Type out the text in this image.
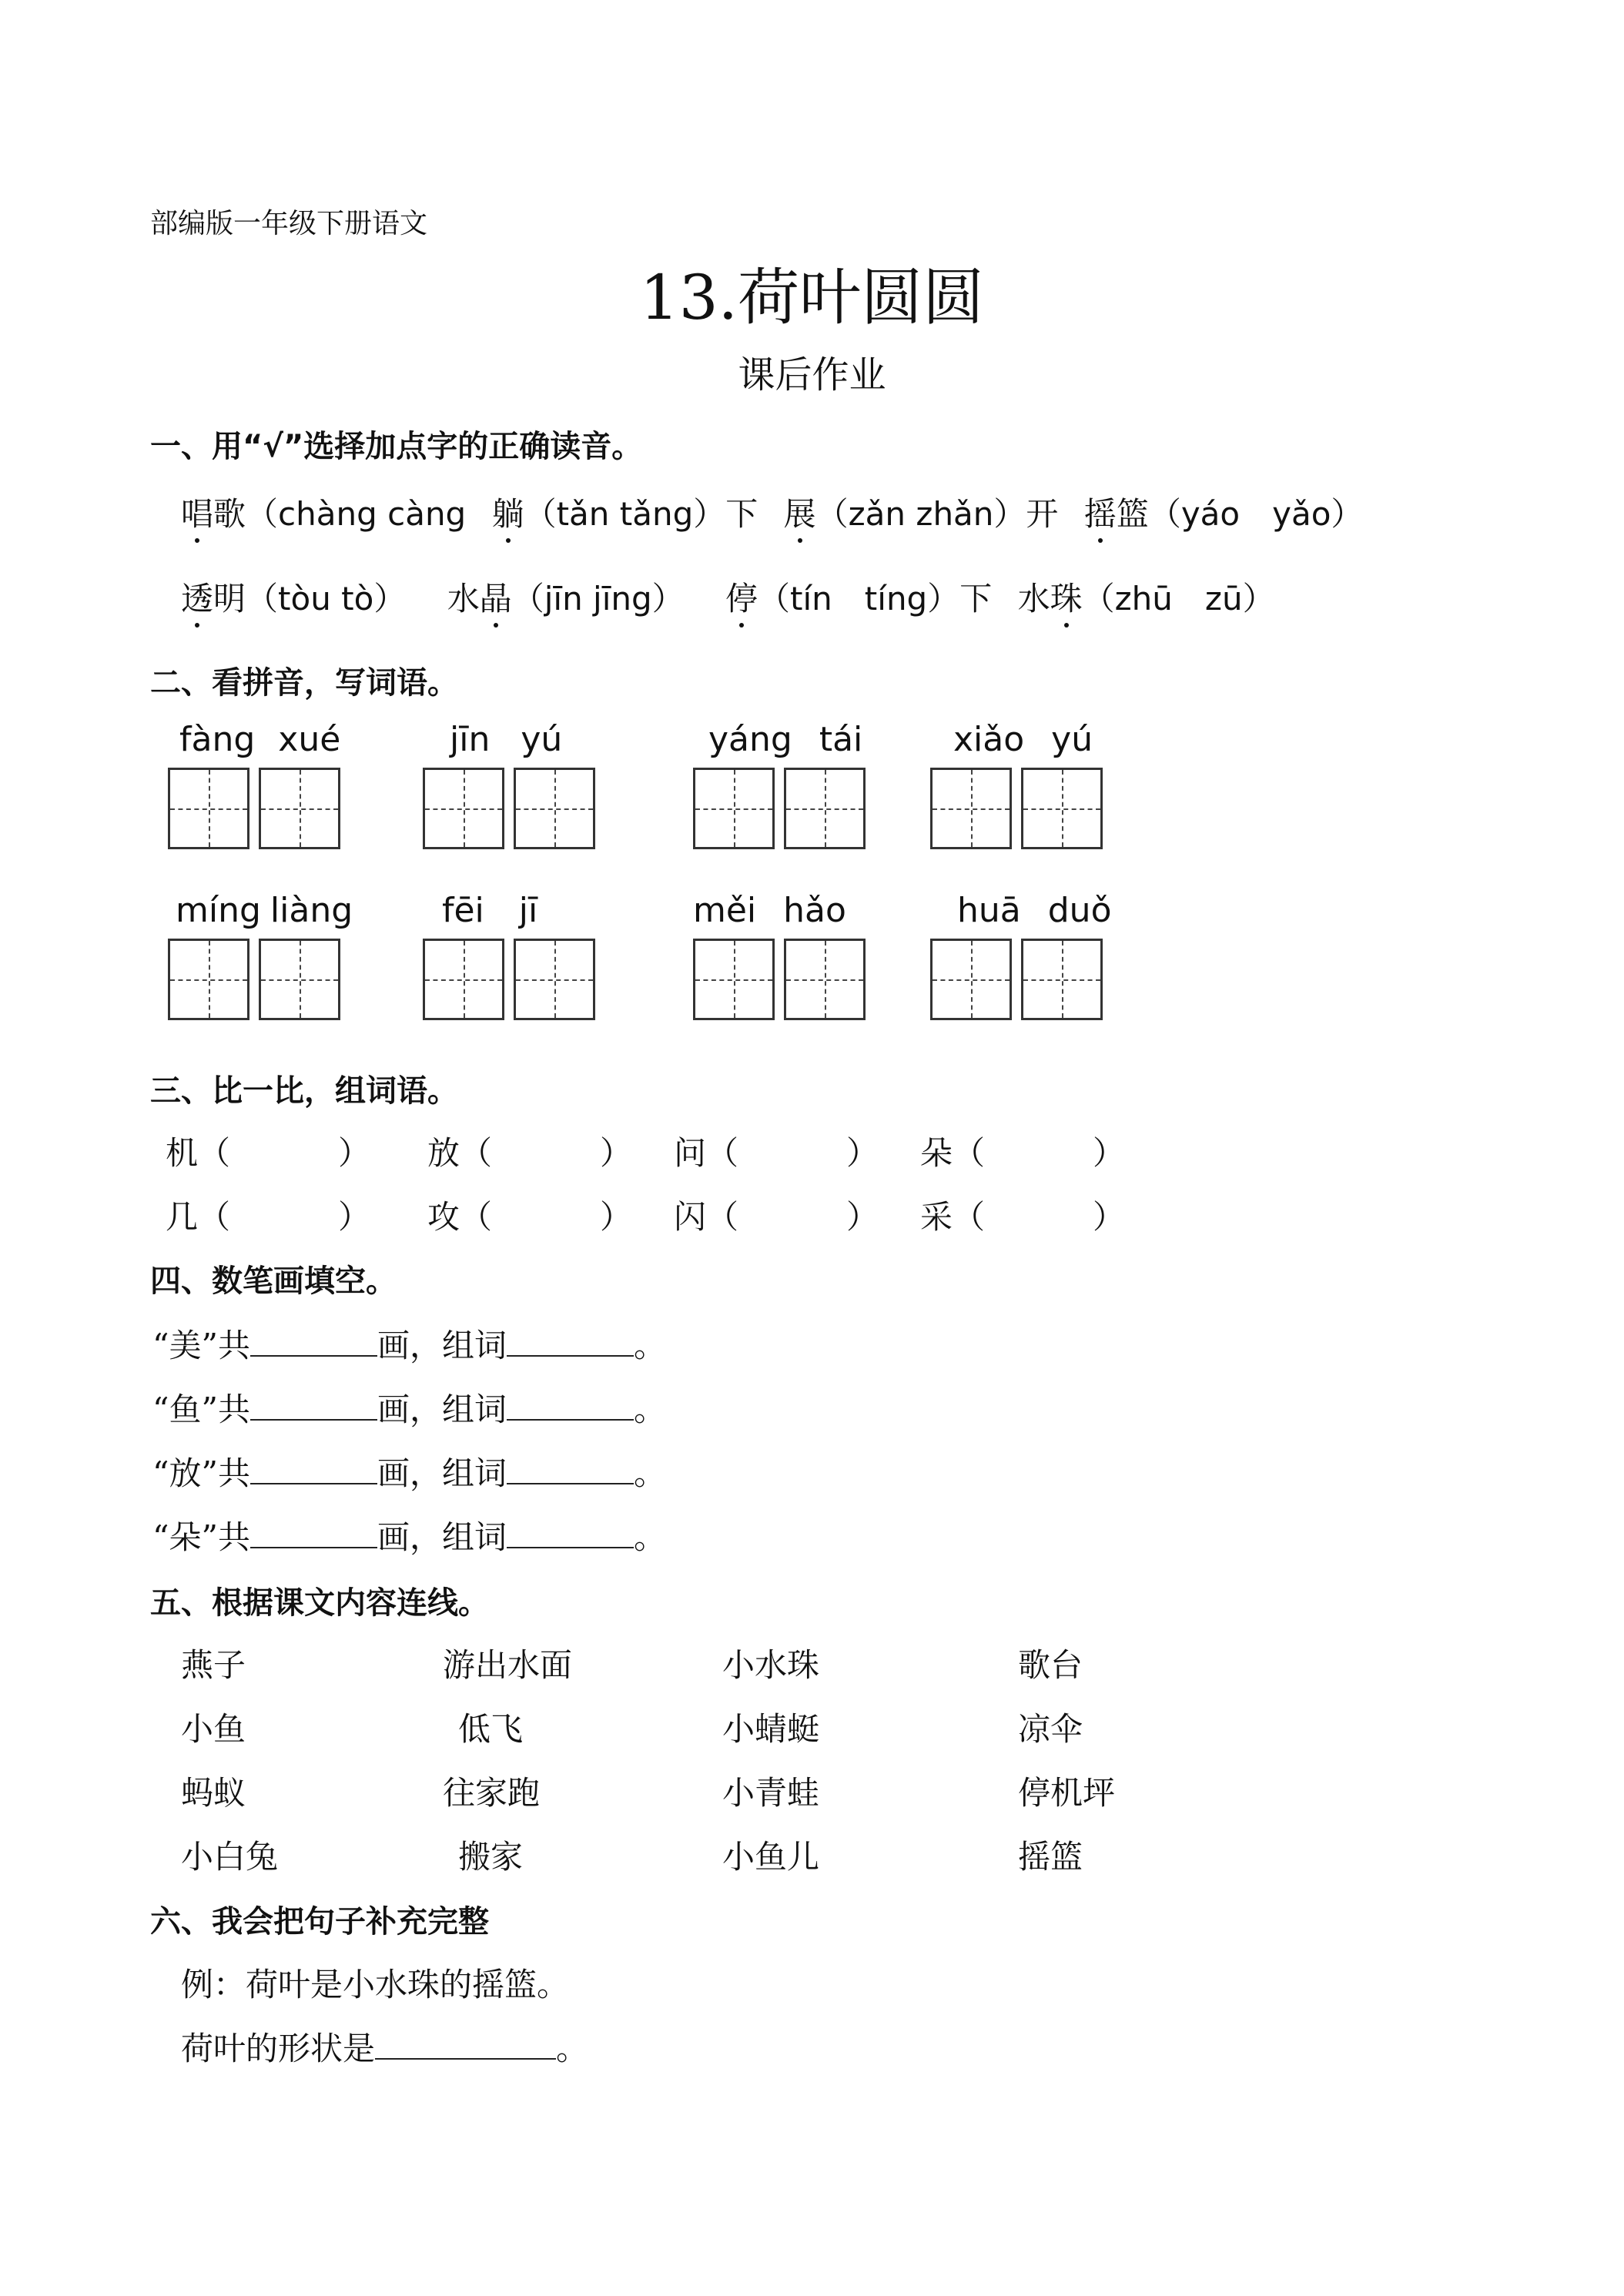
部编版一年级下册语文
13.荷叶圆圆
课后作业
一、用“√”选择加点字的正确读音。
唱歌（chàng càng 躺（tǎn tǎng）下 展（zǎn zhǎn）开 摇篮（yáo　yǎo）
透明（tòu tò） 水晶（jīn jīng） 停（tín　tíng）下 水珠（zhū　zū）
二、看拼音，写词语。
fàng xué	jīn yú	yáng tái	xiǎo yú
míng liàng	fēi jī	měi hǎo	huā duǒ
三、比一比，组词语。
机（	） 放（	） 问（	） 朵（	）
几（	） 攻（	） 闪（	） 采（	）
四、数笔画填空。
“美”共	画，组词	。
“鱼”共	画，组词	。
“放”共	画，组词	。
“朵”共	画，组词	。
五、根据课文内容连线。
燕子	游出水面	小水珠	歌台
小鱼	低飞	小蜻蜓	凉伞
蚂蚁	往家跑	小青蛙	停机坪
小白兔	搬家	小鱼儿	摇篮
六、我会把句子补充完整
例：荷叶是小水珠的摇篮。
荷叶的形状是	。
